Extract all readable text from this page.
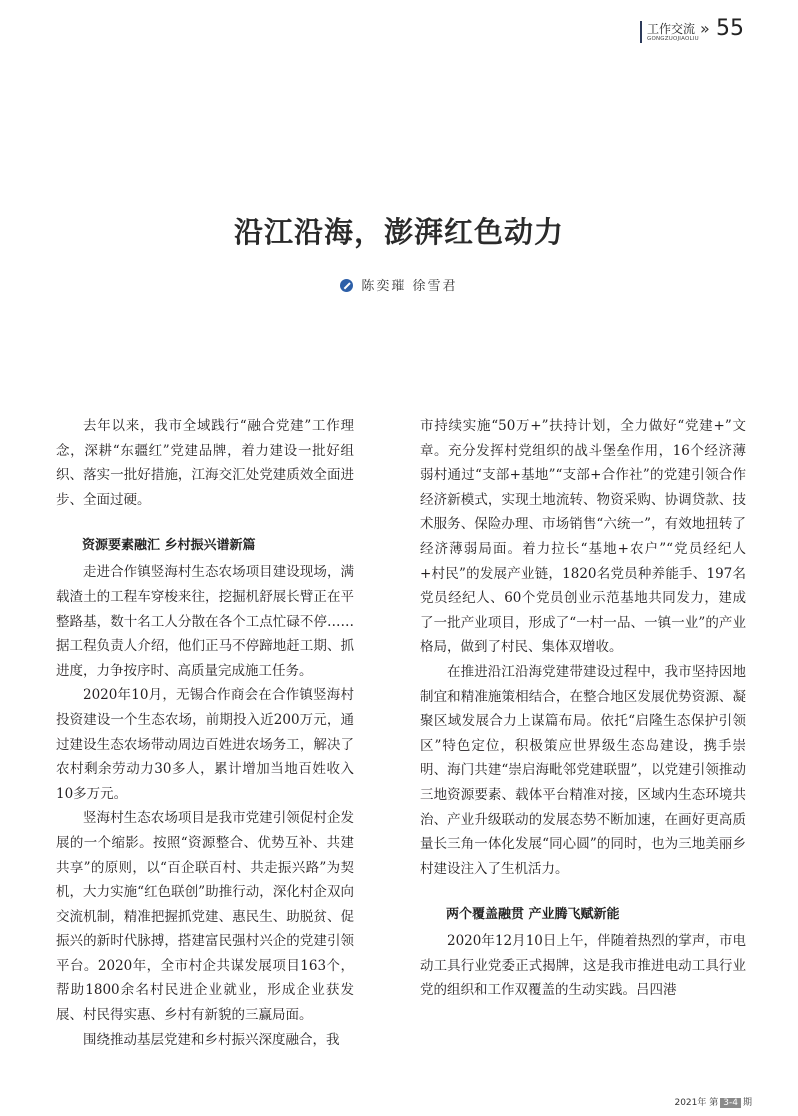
工作交流
GONGZUOJIAOLIU
» 55
沿江沿海，澎湃红色动力
陈奕璀 徐雪君

去年以来，我市全域践行“融合党建”工作理念，深耕“东疆红”党建品牌，着力建设一批好组织、落实一批好措施，江海交汇处党建质效全面进步、全面过硬。

资源要素融汇 乡村振兴谱新篇

走进合作镇竖海村生态农场项目建设现场，满载渣土的工程车穿梭来往，挖掘机舒展长臂正在平整路基，数十名工人分散在各个工点忙碌不停……据工程负责人介绍，他们正马不停蹄地赶工期、抓进度，力争按序时、高质量完成施工任务。

2020年10月，无锡合作商会在合作镇竖海村投资建设一个生态农场，前期投入近200万元，通过建设生态农场带动周边百姓进农场务工，解决了农村剩余劳动力30多人，累计增加当地百姓收入10多万元。

竖海村生态农场项目是我市党建引领促村企发展的一个缩影。按照“资源整合、优势互补、共建共享”的原则，以“百企联百村、共走振兴路”为契机，大力实施“红色联创”助推行动，深化村企双向交流机制，精准把握抓党建、惠民生、助脱贫、促振兴的新时代脉搏，搭建富民强村兴企的党建引领平台。2020年，全市村企共谋发展项目163个，帮助1800余名村民进企业就业，形成企业获发展、村民得实惠、乡村有新貌的三赢局面。

围绕推动基层党建和乡村振兴深度融合，我

市持续实施“50万+”扶持计划，全力做好“党建+”文章。充分发挥村党组织的战斗堡垒作用，16个经济薄弱村通过“支部+基地”“支部+合作社”的党建引领合作经济新模式，实现土地流转、物资采购、协调贷款、技术服务、保险办理、市场销售“六统一”，有效地扭转了经济薄弱局面。着力拉长“基地+农户”“党员经纪人+村民”的发展产业链，1820名党员种养能手、197名党员经纪人、60个党员创业示范基地共同发力，建成了一批产业项目，形成了“一村一品、一镇一业”的产业格局，做到了村民、集体双增收。

在推进沿江沿海党建带建设过程中，我市坚持因地制宜和精准施策相结合，在整合地区发展优势资源、凝聚区域发展合力上谋篇布局。依托“启隆生态保护引领区”特色定位，积极策应世界级生态岛建设，携手崇明、海门共建“崇启海毗邻党建联盟”，以党建引领推动三地资源要素、载体平台精准对接，区域内生态环境共治、产业升级联动的发展态势不断加速，在画好更高质量长三角一体化发展“同心圆”的同时，也为三地美丽乡村建设注入了生机活力。

两个覆盖融贯 产业腾飞赋新能

2020年12月10日上午，伴随着热烈的掌声，市电动工具行业党委正式揭牌，这是我市推进电动工具行业党的组织和工作双覆盖的生动实践。吕四港

2021年 第 3-4 期
